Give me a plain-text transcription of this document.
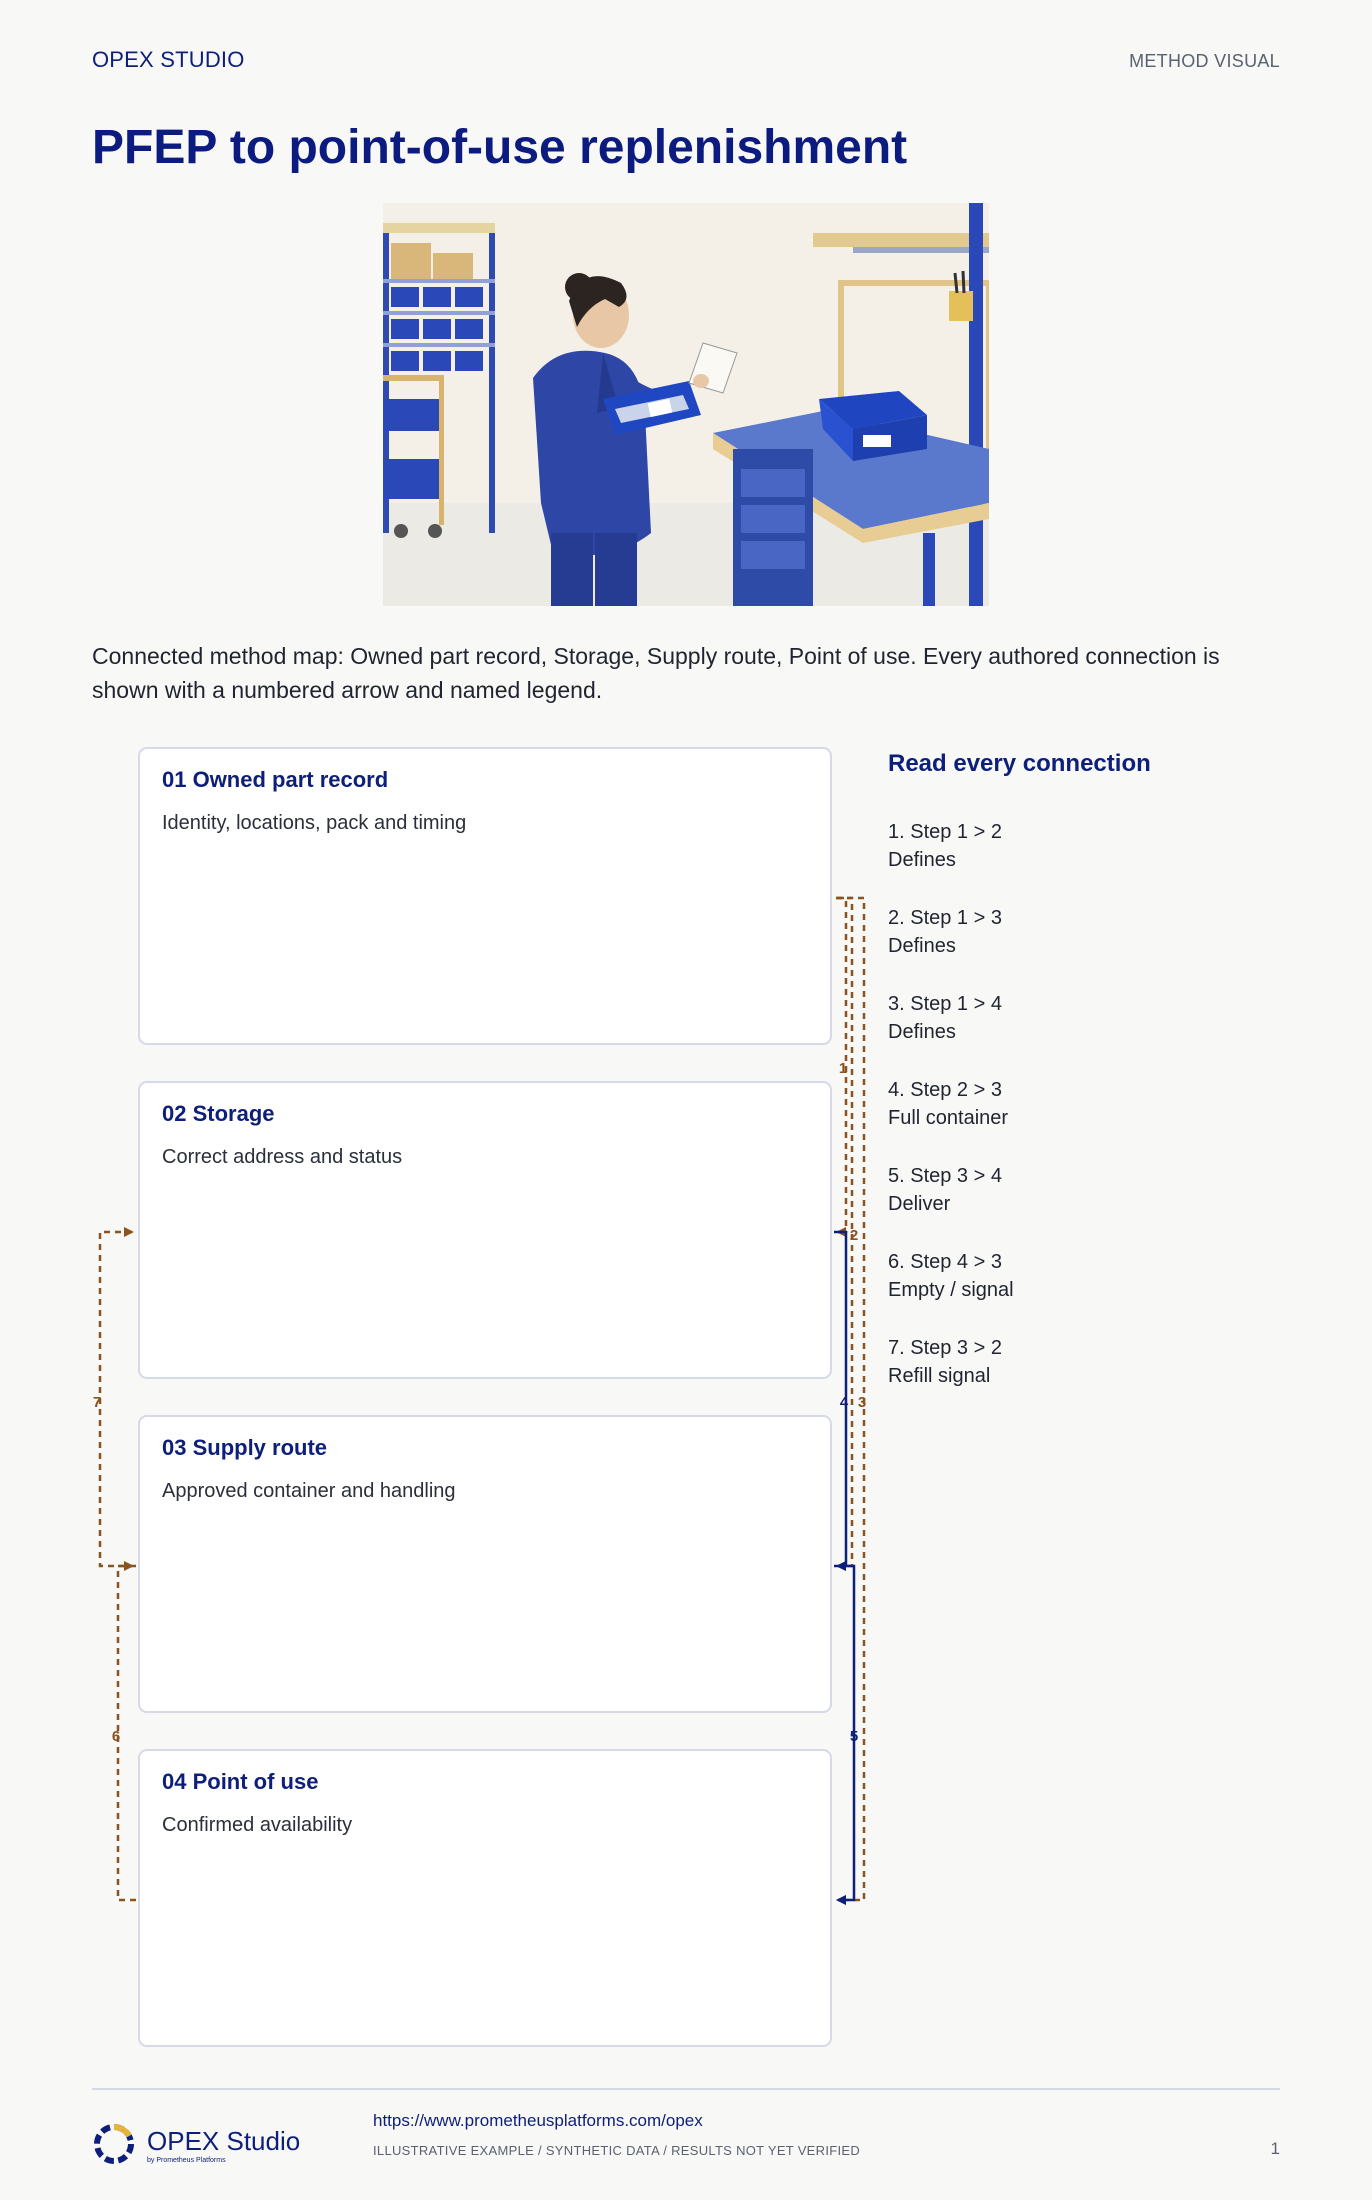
OPEX STUDIO	METHOD VISUAL
PFEP to point-of-use replenishment

Connected method map: Owned part record, Storage, Supply route, Point of use. Every authored connection is shown with a numbered arrow and named legend.

01 Owned part record

Identity, locations, pack and timing

02 Storage

Correct address and status

03 Supply route

Approved container and handling

04 Point of use

Confirmed availability

1
2
3
4
5
6
7
Read every connection
1. Step 1 > 2
Defines
2. Step 1 > 3
Defines
3. Step 1 > 4
Defines
4. Step 2 > 3
Full container
5. Step 3 > 4
Deliver
6. Step 4 > 3
Empty / signal
7. Step 3 > 2
Refill signal
OPEX Studio
by Prometheus Platforms
https://www.prometheusplatforms.com/opex
ILLUSTRATIVE EXAMPLE / SYNTHETIC DATA / RESULTS NOT YET VERIFIED	1
